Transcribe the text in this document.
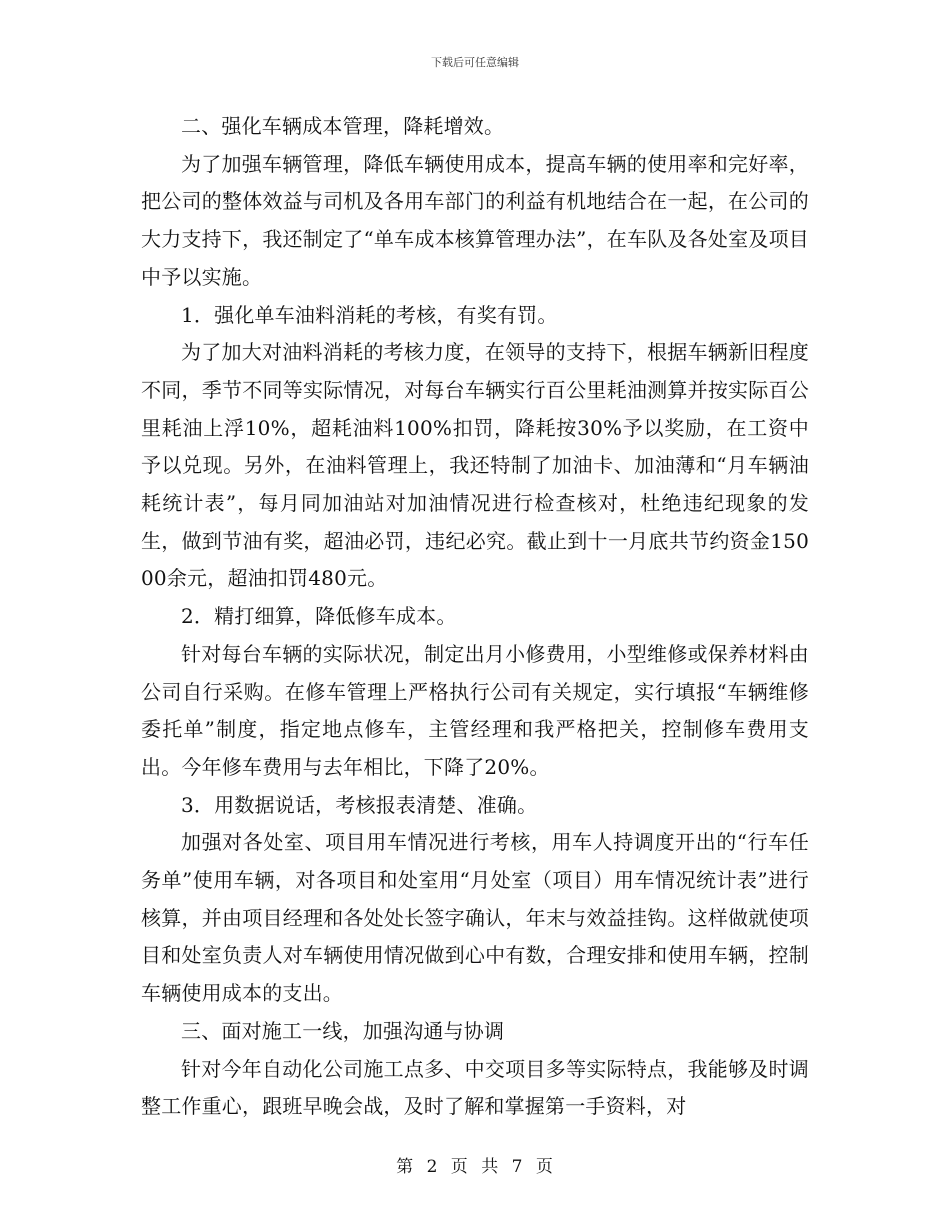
下载后可任意编辑

二、强化车辆成本管理，降耗增效。

为了加强车辆管理，降低车辆使用成本，提高车辆的使用率和完好率，把公司的整体效益与司机及各用车部门的利益有机地结合在一起，在公司的大力支持下，我还制定了“单车成本核算管理办法”，在车队及各处室及项目中予以实施。

1．强化单车油料消耗的考核，有奖有罚。

为了加大对油料消耗的考核力度，在领导的支持下，根据车辆新旧程度不同，季节不同等实际情况，对每台车辆实行百公里耗油测算并按实际百公里耗油上浮10%，超耗油料100%扣罚，降耗按30%予以奖励，在工资中予以兑现。另外，在油料管理上，我还特制了加油卡、加油薄和“月车辆油耗统计表”，每月同加油站对加油情况进行检查核对，杜绝违纪现象的发生，做到节油有奖，超油必罚，违纪必究。截止到十一月底共节约资金15000余元，超油扣罚480元。

2．精打细算，降低修车成本。

针对每台车辆的实际状况，制定出月小修费用，小型维修或保养材料由公司自行采购。在修车管理上严格执行公司有关规定，实行填报“车辆维修委托单”制度，指定地点修车，主管经理和我严格把关，控制修车费用支出。今年修车费用与去年相比，下降了20%。

3．用数据说话，考核报表清楚、准确。

加强对各处室、项目用车情况进行考核，用车人持调度开出的“行车任务单”使用车辆，对各项目和处室用“月处室（项目）用车情况统计表”进行核算，并由项目经理和各处处长签字确认，年末与效益挂钩。这样做就使项目和处室负责人对车辆使用情况做到心中有数，合理安排和使用车辆，控制车辆使用成本的支出。

三、面对施工一线，加强沟通与协调

针对今年自动化公司施工点多、中交项目多等实际特点，我能够及时调整工作重心，跟班早晚会战，及时了解和掌握第一手资料，对

第 2 页 共 7 页
